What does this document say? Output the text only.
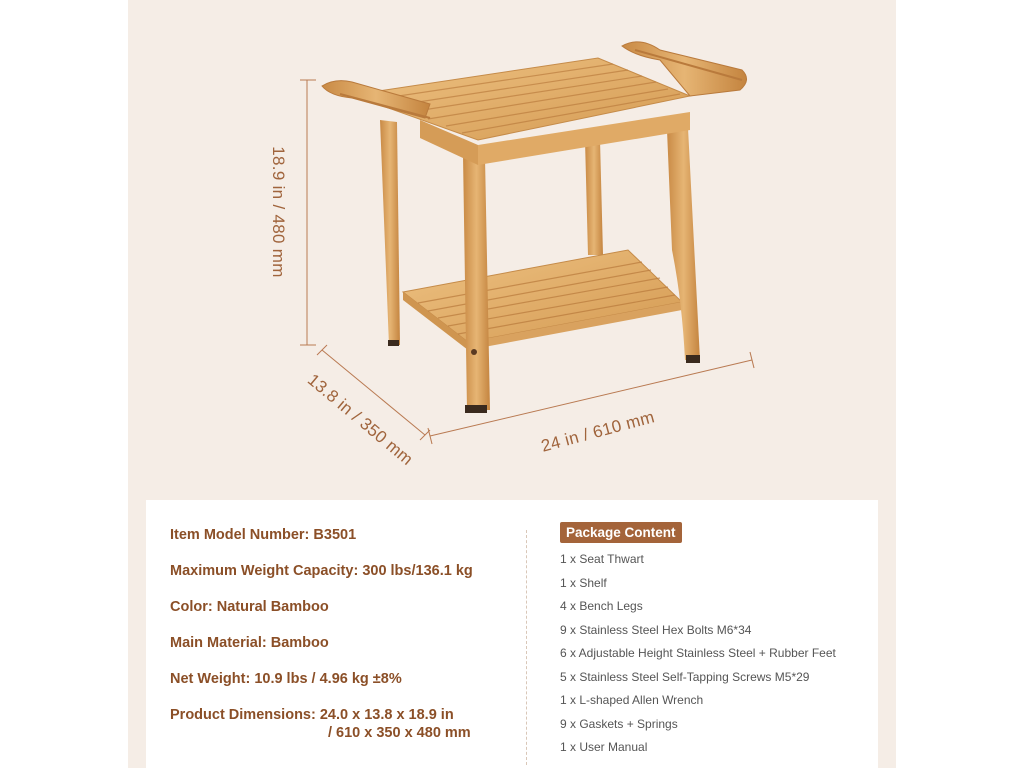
18.9 in / 480 mm
13.8 in / 350 mm	24 in / 610 mm
Item Model Number: B3501
Maximum Weight Capacity: 300 lbs/136.1 kg
Color: Natural Bamboo
Main Material: Bamboo
Net Weight: 10.9 lbs / 4.96 kg ±8%
Product Dimensions: 24.0 x 13.8 x 18.9 in
/ 610 x 350 x 480 mm
Package Content
1 x Seat Thwart
1 x Shelf
4 x Bench Legs
9 x Stainless Steel Hex Bolts M6*34
6 x Adjustable Height Stainless Steel + Rubber Feet
5 x Stainless Steel Self-Tapping Screws M5*29
1 x L-shaped Allen Wrench
9 x Gaskets + Springs
1 x User Manual
